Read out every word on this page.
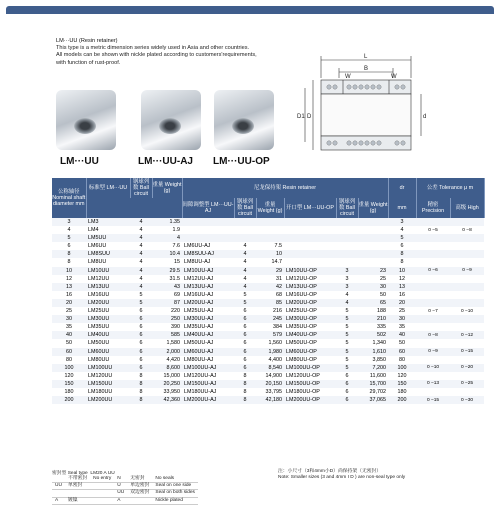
LM···UU (Resin retainer)
This type is a metric dimension series widely used in Asia and other countries.
All models can be shown with nickle plated according to customers'requirements,
with function of rust-proof.
L
B
W	W
D
D1	d
LM···UU	LM···UU-AJ LM···UU-OP
公称轴径 Nominal shaft diameter mm	标准型 LM···UU	钢球列数 Ball circuit	重量 Weight (g)	尼龙保持架 Resin retainer						dr	公差 Tolerance μ m	
				间隙调整型 LM···UU-AJ	钢球列数 Ball circuit	重量 Weight (g)	开口型 LM···UU-OP	钢球列数 Ball circuit	重量 Weight (g)	mm	精密 Precision	高级 High
3	LM3	4	1.35							3		
4	LM4	4	1.9							4	0 −5	0 −8
5	LM5UU	4	4							5		
6	LM6UU	4	7.6	LM6UU-AJ	4	7.5				6		
8	LM8SUU	4	10.4	LM8SUU-AJ	4	10				8		
8	LM8UU	4	15	LM8UU-AJ	4	14.7				8		
10	LM10UU	4	29.5	LM10UU-AJ	4	29	LM10UU-OP	3	23	10	0 −6	0 −9
12	LM12UU	4	31.5	LM12UU-AJ	4	31	LM12UU-OP	3	25	12		
13	LM13UU	4	43	LM13UU-AJ	4	42	LM13UU-OP	3	30	13		
16	LM16UU	5	69	LM16UU-AJ	5	68	LM16UU-OP	4	50	16		
20	LM20UU	5	87	LM20UU-AJ	5	85	LM20UU-OP	4	65	20		
25	LM25UU	6	220	LM25UU-AJ	6	216	LM25UU-OP	5	188	25	0 −7	0 −10
30	LM30UU	6	250	LM30UU-AJ	6	245	LM30UU-OP	5	210	30		
35	LM35UU	6	390	LM35UU-AJ	6	384	LM35UU-OP	5	335	35		
40	LM40UU	6	585	LM40UU-AJ	6	579	LM40UU-OP	5	502	40	0 −8	0 −12
50	LM50UU	6	1,580	LM50UU-AJ	6	1,560	LM50UU-OP	5	1,340	50		
60	LM60UU	6	2,000	LM60UU-AJ	6	1,980	LM60UU-OP	5	1,610	60	0 −9	0 −15
80	LM80UU	6	4,420	LM80UU-AJ	6	4,400	LM80UU-OP	5	3,850	80		
100	LM100UU	6	8,600	LM100UU-AJ	6	8,540	LM100UU-OP	5	7,200	100	0 −10	0 −20
120	LM120UU	8	15,000	LM120UU-AJ	8	14,900	LM120UU-OP	6	11,600	120		
150	LM150UU	8	20,250	LM150UU-AJ	8	20,150	LM150UU-OP	6	15,700	150	0 −13	0 −25
180	LM180UU	8	33,950	LM180UU-AJ	8	33,795	LM180UU-OP	6	29,702	180		
200	LM200UU	8	42,360	LM200UU-AJ	8	42,180	LM200UU-OP	6	37,065	200	0 −15	0 −30
密封型 Seal type LM20 A UU
	不带密封	No entry	N	无密封	No seals
UU	单密封		U	单边密封	Seal on one side
			UU	双边密封	Seal on both sides
A	镀镍		A		Nickle plated
注：小尺寸（3和4mm小D）尚保持架（无密封）
Note: Smaller sizes (3 and 4mm I D ) are non-seal type only
